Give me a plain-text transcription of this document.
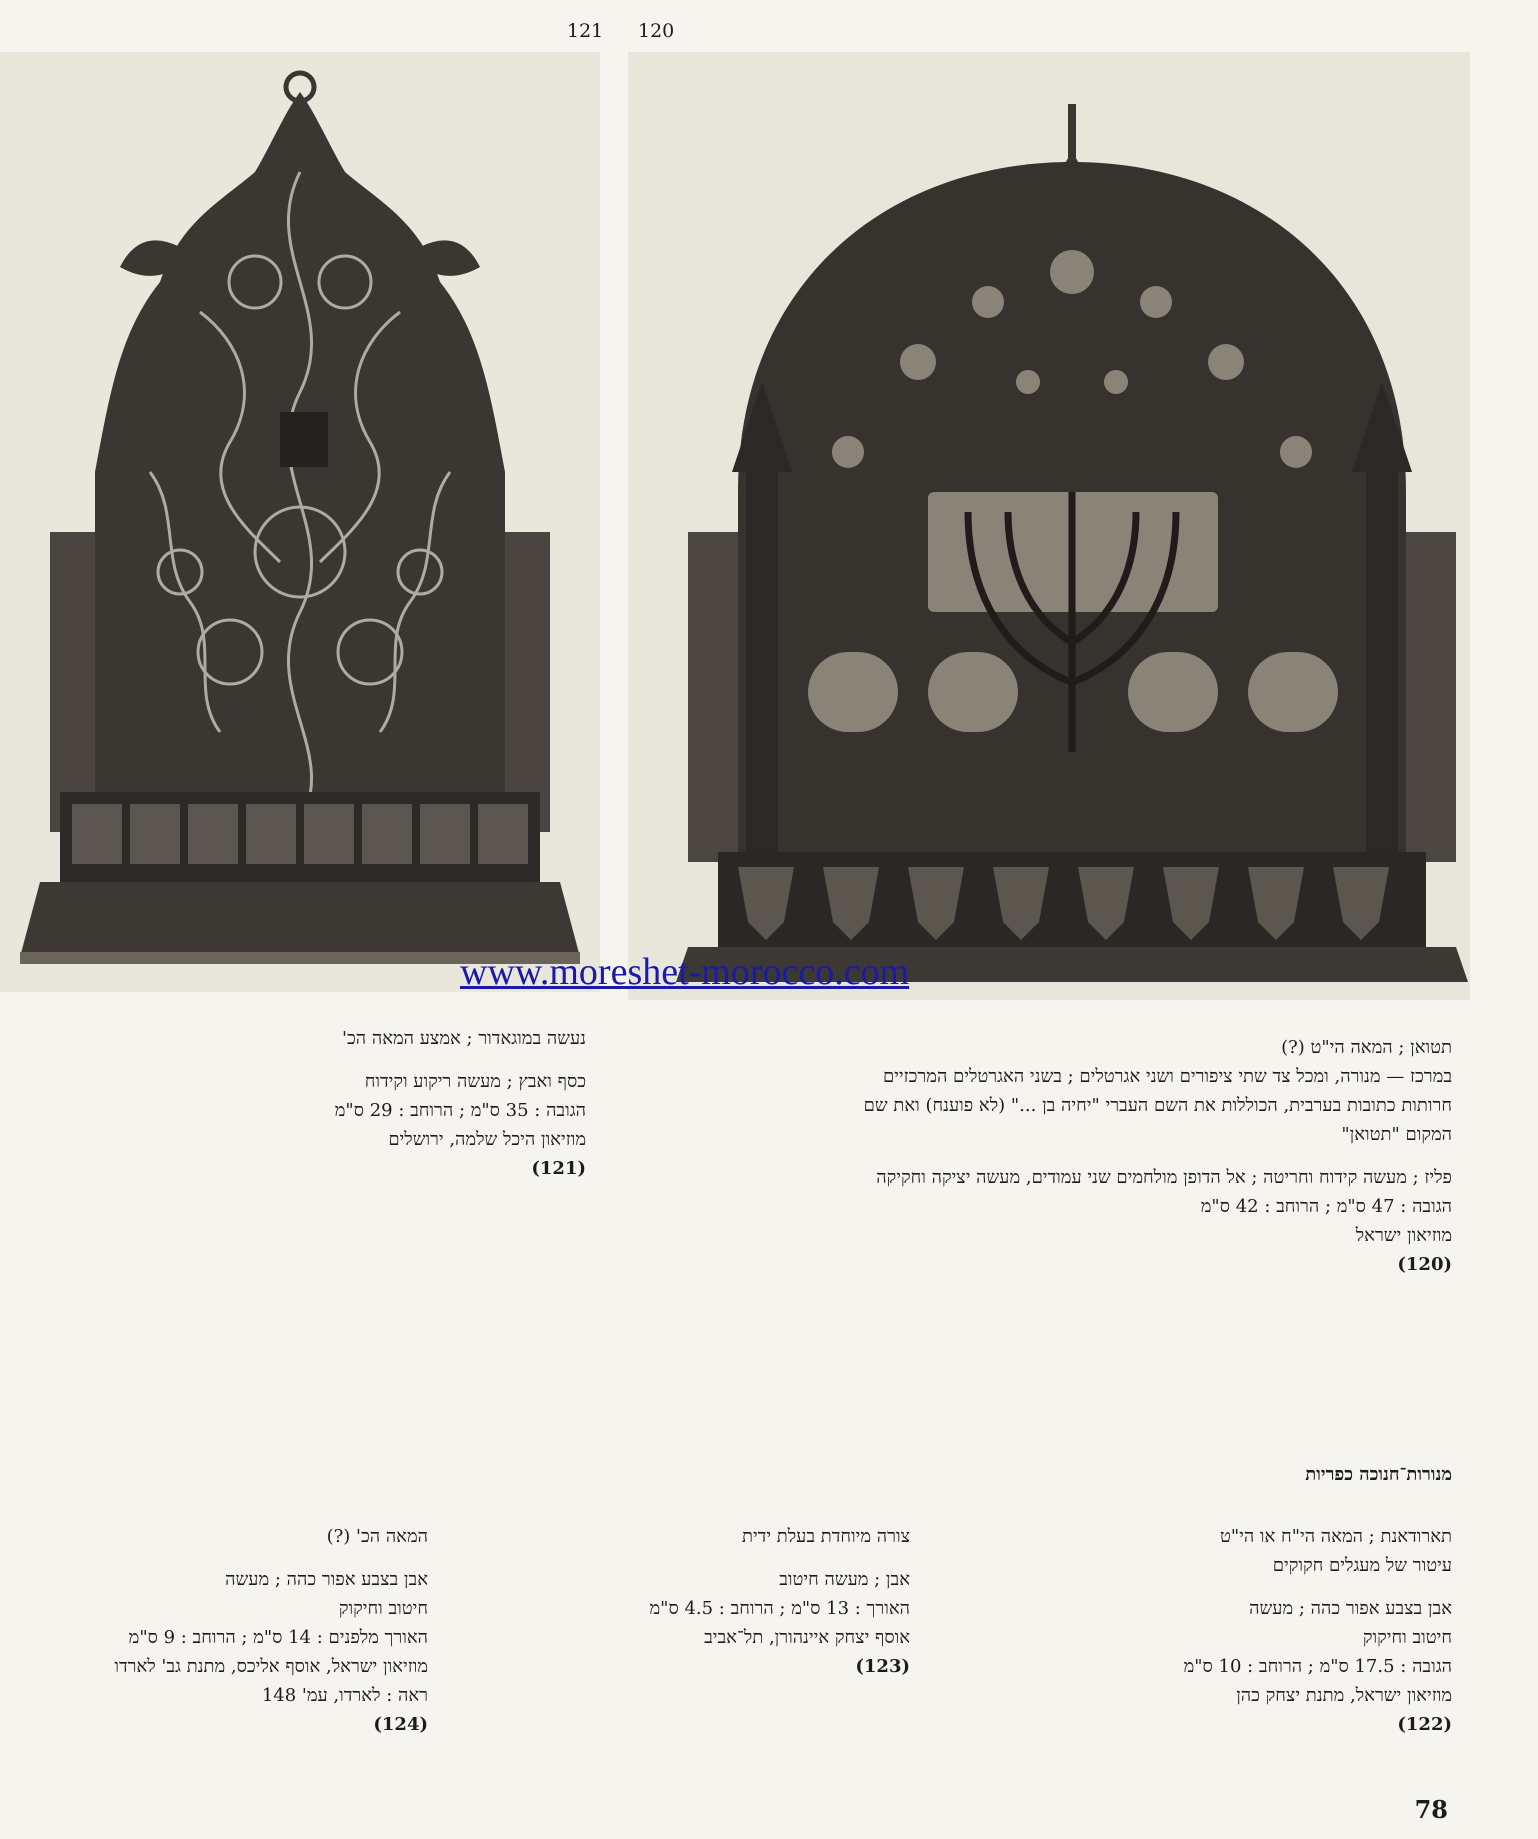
121 120
www.moreshet-morocco.com

תטואן ; המאה הי"ט (?)

במרכז — מנורה, ומכל צד שתי ציפורים ושני אגרטלים ; בשני האגרטלים המרכזיים

חרותות כתובות בערבית, הכוללות את השם העברי "יחיה בן ..." (לא פוענח) ואת שם

המקום "תטואן"

פליז ; מעשה קידוח וחריטה ; אל הדופן מולחמים שני עמודים, מעשה יציקה וחקיקה

הגובה : 47 ס"מ ; הרוחב : 42 ס"מ

מוזיאון ישראל

(120)

נעשה במוגאדור ; אמצע המאה הכ'

כסף ואבץ ; מעשה ריקוע וקידוח

הגובה : 35 ס"מ ; הרוחב : 29 ס"מ

מוזיאון היכל שלמה, ירושלים

(121)

מנורות־חנוכה כפריות

תארודאנת ; המאה הי"ח או הי"ט

עיטור של מעגלים חקוקים

אבן בצבע אפור כהה ; מעשה

חיטוב וחיקוק

הגובה : 17.5 ס"מ ; הרוחב : 10 ס"מ

מוזיאון ישראל, מתנת יצחק כהן

(122)

צורה מיוחדת בעלת ידית

אבן ; מעשה חיטוב

האורך : 13 ס"מ ; הרוחב : 4.5 ס"מ

אוסף יצחק איינהורן, תל־אביב

(123)

המאה הכ' (?)

אבן בצבע אפור כהה ; מעשה

חיטוב וחיקוק

האורך מלפנים : 14 ס"מ ; הרוחב : 9 ס"מ

מוזיאון ישראל, אוסף אליכס, מתנת גב' לארדו

ראה : לארדו, עמ' 148

(124)

78
